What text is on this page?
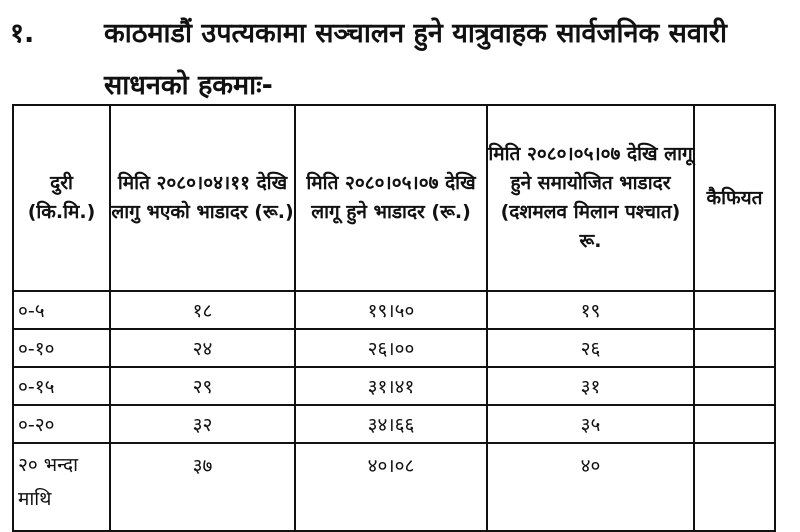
१.	काठमाडौं उपत्यकामा सञ्चालन हुने यात्रुवाहक सार्वजनिक सवारी
साधनको हकमाः-
दुरी (कि.मि.)	मिति २०८०।०४।११ देखि लागु भएको भाडादर (रू.)	मिति २०८०।०५।०७ देखि लागू हुने भाडादर (रू.)	मिति २०८०।०५।०७ देखि लागू हुने समायोजित भाडादर (दशमलव मिलान पश्चात) रू.	कैफियत
०-५	१८	१९।५०	१९	
०-१०	२४	२६।००	२६	
०-१५	२९	३१।४१	३१	
०-२०	३२	३४।६६	३५	
२० भन्दा माथि	३७	४०।०८	४०	
